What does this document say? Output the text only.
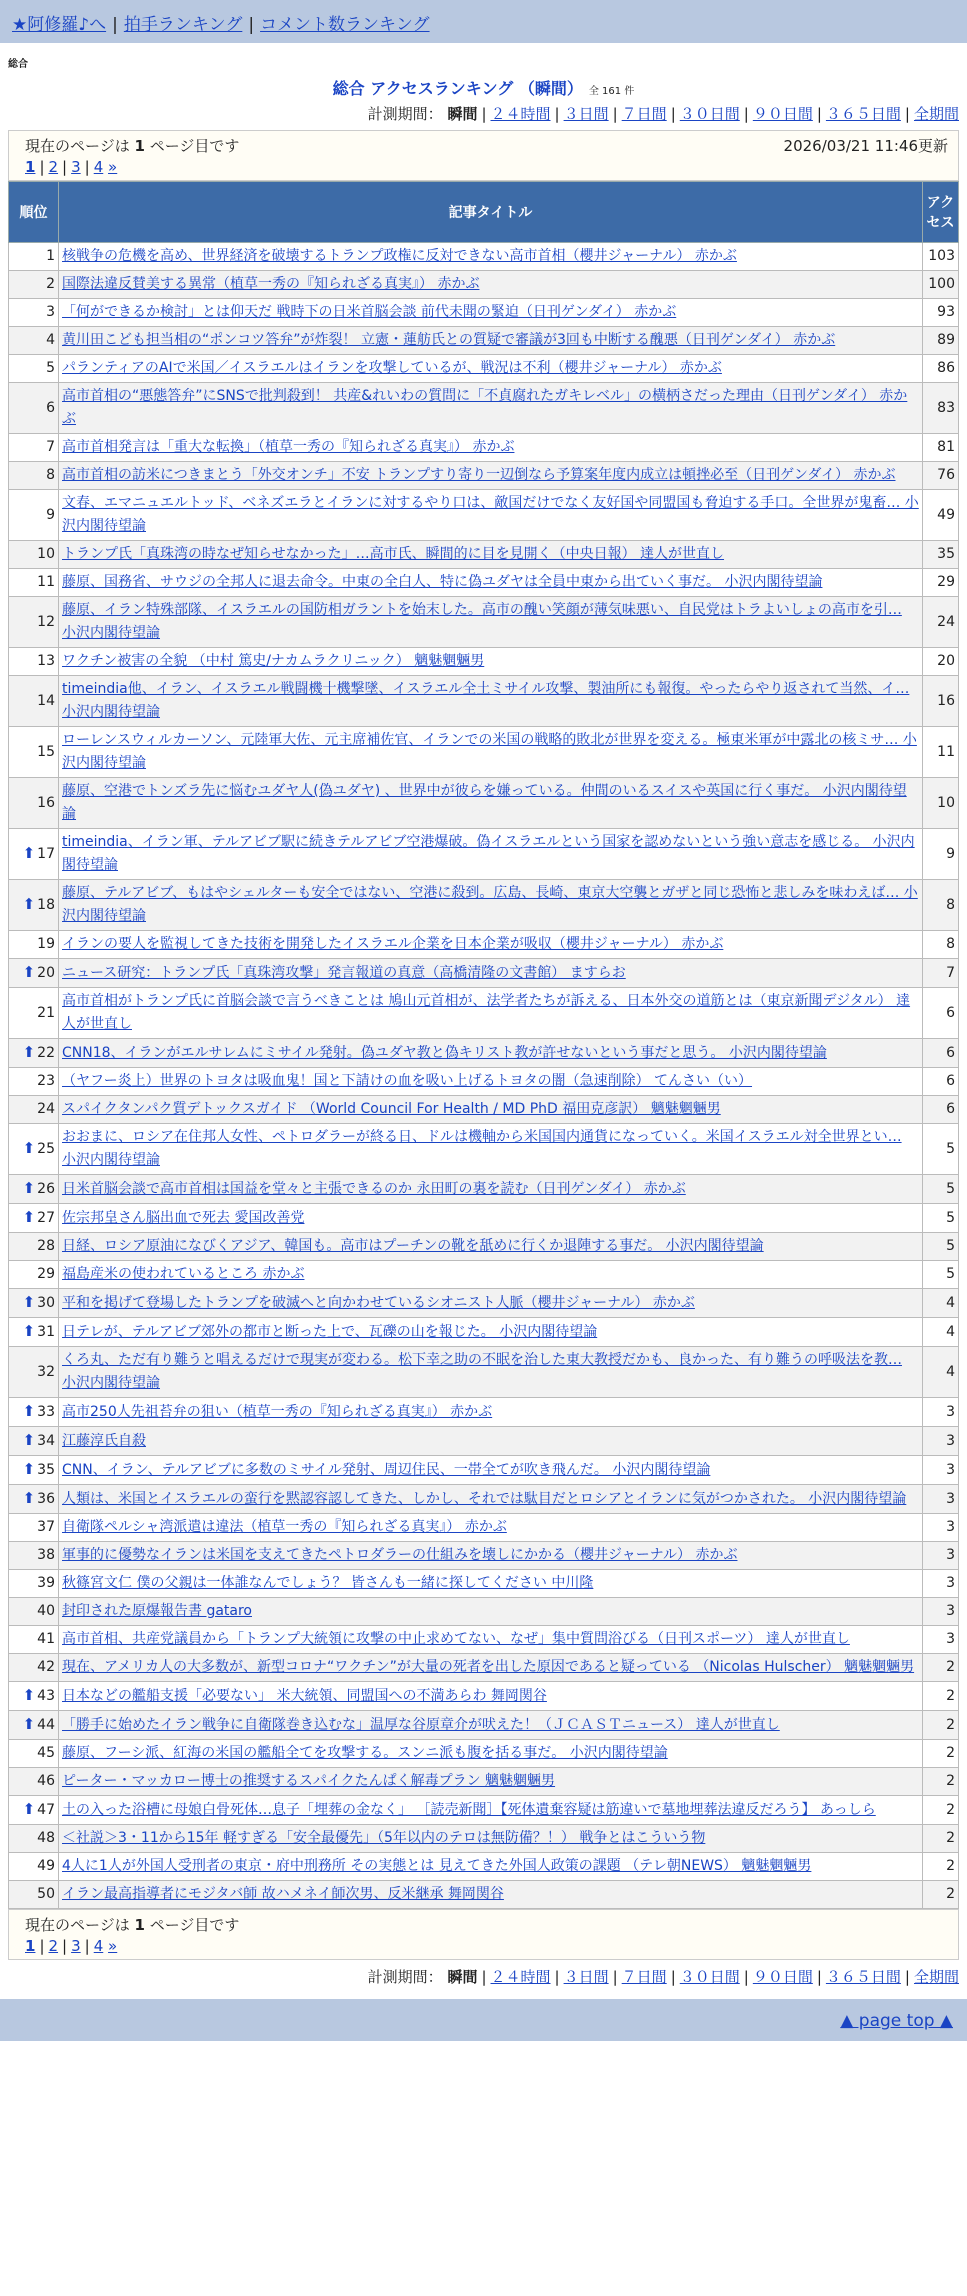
★阿修羅♪へ | 拍手ランキング | コメント数ランキング
総合
総合 アクセスランキング （瞬間） 全 161 件
計測期間： 瞬間 | ２４時間 | ３日間 | ７日間 | ３０日間 | ９０日間 | ３６５日間 | 全期間
現在のページは 1 ページ目です	2026/03/21 11:46更新
1 | 2 | 3 | 4 »
順位	記事タイトル	アクセス
1	核戦争の危機を高め、世界経済を破壊するトランプ政権に反対できない高市首相（櫻井ジャーナル） 赤かぶ	103
2	国際法違反賛美する異常（植草一秀の『知られざる真実』） 赤かぶ	100
3	「何ができるか検討」とは仰天だ 戦時下の日米首脳会談 前代未聞の緊迫（日刊ゲンダイ） 赤かぶ	93
4	黄川田こども担当相の“ポンコツ答弁”が炸裂！ 立憲・蓮舫氏との質疑で審議が3回も中断する醜悪（日刊ゲンダイ） 赤かぶ	89
5	パランティアのAIで米国／イスラエルはイランを攻撃しているが、戦況は不利（櫻井ジャーナル） 赤かぶ	86
6	高市首相の“悪態答弁”にSNSで批判殺到！ 共産&れいわの質問に「不貞腐れたガキレベル」の横柄さだった理由（日刊ゲンダイ） 赤かぶ	83
7	高市首相発言は「重大な転換」（植草一秀の『知られざる真実』） 赤かぶ	81
8	高市首相の訪米につきまとう「外交オンチ」不安 トランプすり寄り一辺倒なら予算案年度内成立は頓挫必至（日刊ゲンダイ） 赤かぶ	76
9	文春、エマニュエルトッド、ベネズエラとイランに対するやり口は、敵国だけでなく友好国や同盟国も脅迫する手口。全世界が鬼畜… 小沢内閣待望論	49
10	トランプ氏「真珠湾の時なぜ知らせなかった」…高市氏、瞬間的に目を見開く（中央日報） 達人が世直し	35
11	藤原、国務省、サウジの全邦人に退去命令。中東の全白人、特に偽ユダヤは全員中東から出ていく事だ。 小沢内閣待望論	29
12	藤原、イラン特殊部隊、イスラエルの国防相ガラントを始末した。高市の醜い笑顔が薄気味悪い、自民党はトラよいしょの高市を引… 小沢内閣待望論	24
13	ワクチン被害の全貌 （中村 篤史/ナカムラクリニック） 魑魅魍魎男	20
14	timeindia他、イラン、イスラエル戦闘機十機撃墜、イスラエル全土ミサイル攻撃、製油所にも報復。やったらやり返されて当然、イ… 小沢内閣待望論	16
15	ローレンスウィルカーソン、元陸軍大佐、元主席補佐官、イランでの米国の戦略的敗北が世界を変える。極東米軍が中露北の核ミサ… 小沢内閣待望論	11
16	藤原、空港でトンズラ先に悩むユダヤ人(偽ユダヤ) 、世界中が彼らを嫌っている。仲間のいるスイスや英国に行く事だ。 小沢内閣待望論	10
⬆ 17	timeindia、イラン軍、テルアビブ駅に続きテルアビブ空港爆破。偽イスラエルという国家を認めないという強い意志を感じる。 小沢内閣待望論	9
⬆ 18	藤原、テルアビブ、もはやシェルターも安全ではない、空港に殺到。広島、長崎、東京大空襲とガザと同じ恐怖と悲しみを味わえば… 小沢内閣待望論	8
19	イランの要人を監視してきた技術を開発したイスラエル企業を日本企業が吸収（櫻井ジャーナル） 赤かぶ	8
⬆ 20	ニュース研究：トランプ氏「真珠湾攻撃」発言報道の真意（高橋清隆の文書館） ますらお	7
21	高市首相がトランプ氏に首脳会談で言うべきことは 鳩山元首相が、法学者たちが訴える、日本外交の道筋とは（東京新聞デジタル） 達人が世直し	6
⬆ 22	CNN18、イランがエルサレムにミサイル発射。偽ユダヤ教と偽キリスト教が許せないという事だと思う。 小沢内閣待望論	6
23	（ヤフー炎上）世界のトヨタは吸血鬼！国と下請けの血を吸い上げるトヨタの闇（急速削除） てんさい（い）	6
24	スパイクタンパク質デトックスガイド （World Council For Health / MD PhD 福田克彦訳） 魑魅魍魎男	6
⬆ 25	おおまに、ロシア在住邦人女性、ペトロダラーが終る日、ドルは機軸から米国国内通貨になっていく。米国イスラエル対全世界とい… 小沢内閣待望論	5
⬆ 26	日米首脳会談で高市首相は国益を堂々と主張できるのか 永田町の裏を読む（日刊ゲンダイ） 赤かぶ	5
⬆ 27	佐宗邦皇さん脳出血で死去 愛国改善党	5
28	日経、ロシア原油になびくアジア、韓国も。高市はプーチンの靴を舐めに行くか退陣する事だ。 小沢内閣待望論	5
29	福島産米の使われているところ 赤かぶ	5
⬆ 30	平和を掲げて登場したトランプを破滅へと向かわせているシオニスト人脈（櫻井ジャーナル） 赤かぶ	4
⬆ 31	日テレが、テルアビブ郊外の都市と断った上で、瓦礫の山を報じた。 小沢内閣待望論	4
32	くろ丸、ただ有り難うと唱えるだけで現実が変わる。松下幸之助の不眠を治した東大教授だかも、良かった、有り難うの呼吸法を教… 小沢内閣待望論	4
⬆ 33	高市250人先祖苔弁の狙い（植草一秀の『知られざる真実』） 赤かぶ	3
⬆ 34	江藤淳氏自殺	3
⬆ 35	CNN、イラン、テルアビブに多数のミサイル発射、周辺住民、一帯全てが吹き飛んだ。 小沢内閣待望論	3
⬆ 36	人類は、米国とイスラエルの蛮行を黙認容認してきた、しかし、それでは駄目だとロシアとイランに気がつかされた。 小沢内閣待望論	3
37	自衛隊ペルシャ湾派遣は違法（植草一秀の『知られざる真実』） 赤かぶ	3
38	軍事的に優勢なイランは米国を支えてきたペトロダラーの仕組みを壊しにかかる（櫻井ジャーナル） 赤かぶ	3
39	秋篠宮文仁 僕の父親は一体誰なんでしょう？ 皆さんも一緒に探してください 中川隆	3
40	封印された原爆報告書 gataro	3
41	高市首相、共産党議員から「トランプ大統領に攻撃の中止求めてない、なぜ」集中質問浴びる（日刊スポーツ） 達人が世直し	3
42	現在、アメリカ人の大多数が、新型コロナ“ワクチン”が大量の死者を出した原因であると疑っている （Nicolas Hulscher） 魑魅魍魎男	2
⬆ 43	日本などの艦船支援「必要ない」 米大統領、同盟国への不満あらわ 舞岡関谷	2
⬆ 44	「勝手に始めたイラン戦争に自衛隊巻き込むな」温厚な谷原章介が吠えた！（ＪＣＡＳＴニュース） 達人が世直し	2
45	藤原、フーシ派、紅海の米国の艦船全てを攻撃する。スンニ派も腹を括る事だ。 小沢内閣待望論	2
46	ピーター・マッカロー博士の推奨するスパイクたんぱく解毒プラン 魑魅魍魎男	2
⬆ 47	土の入った浴槽に母娘白骨死体…息子「埋葬の金なく」 ［読売新聞］【死体遺棄容疑は筋違いで墓地埋葬法違反だろう】 あっしら	2
48	＜社説＞3・11から15年 軽すぎる「安全最優先」（5年以内のテロは無防備？！） 戦争とはこういう物	2
49	4人に1人が外国人受刑者の東京・府中刑務所 その実態とは 見えてきた外国人政策の課題 （テレ朝NEWS） 魑魅魍魎男	2
50	イラン最高指導者にモジタバ師 故ハメネイ師次男、反米継承 舞岡関谷	2
現在のページは 1 ページ目です
1 | 2 | 3 | 4 »
計測期間： 瞬間 | ２４時間 | ３日間 | ７日間 | ３０日間 | ９０日間 | ３６５日間 | 全期間
▲ page top ▲
